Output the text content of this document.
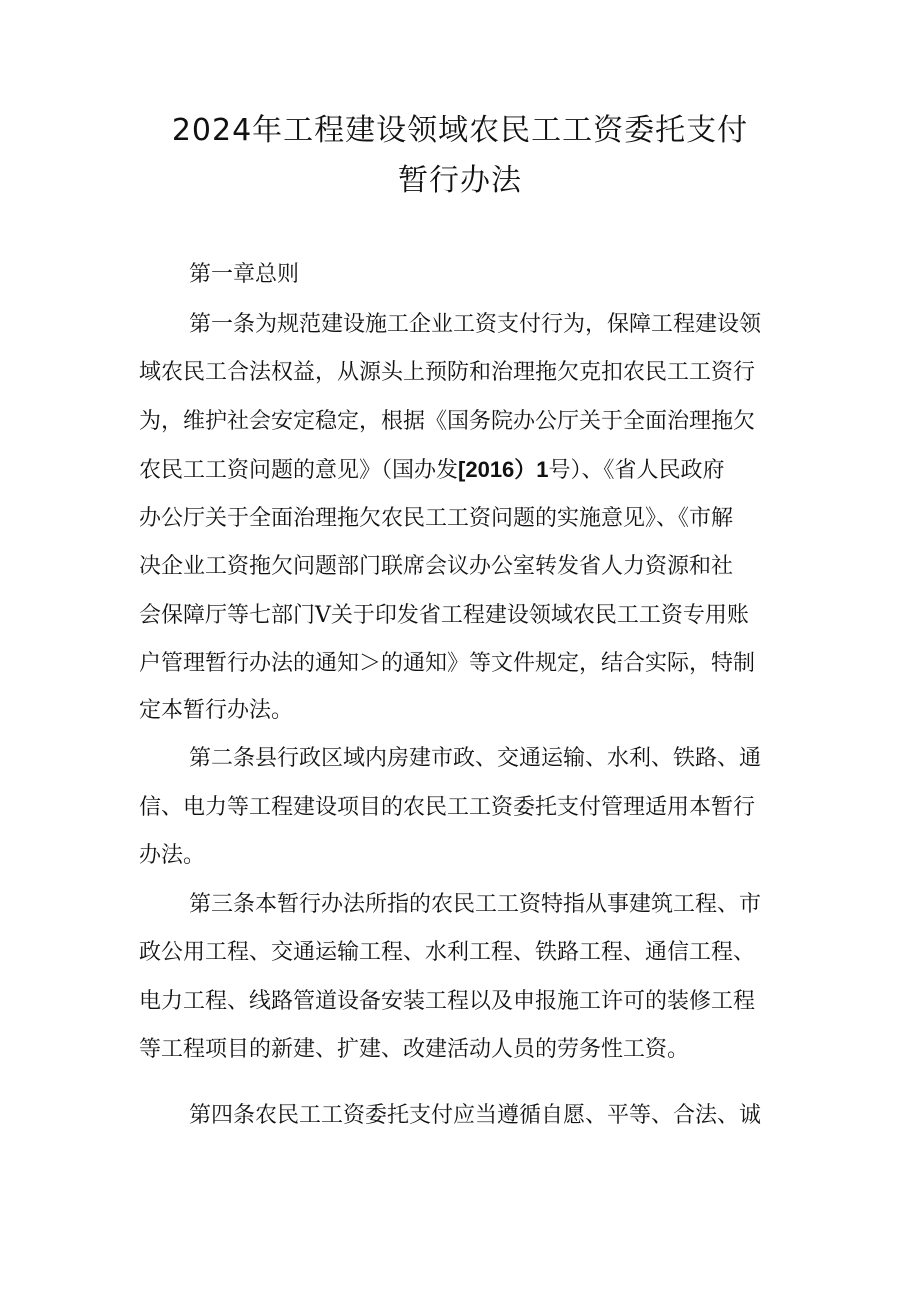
2024年工程建设领域农民工工资委托支付
暂行办法

第一章总则

第一条为规范建设施工企业工资支付行为，保障工程建设领

域农民工合法权益，从源头上预防和治理拖欠克扣农民工工资行

为，维护社会安定稳定，根据《国务院办公厅关于全面治理拖欠

农民工工资问题的意见》（国办发[2016）1号）、《省人民政府

办公厅关于全面治理拖欠农民工工资问题的实施意见》、《市解

决企业工资拖欠问题部门联席会议办公室转发省人力资源和社

会保障厅等七部门Ⅴ关于印发省工程建设领域农民工工资专用账

户管理暂行办法的通知＞的通知》等文件规定，结合实际，特制

定本暂行办法。

第二条县行政区域内房建市政、交通运输、水利、铁路、通

信、电力等工程建设项目的农民工工资委托支付管理适用本暂行

办法。

第三条本暂行办法所指的农民工工资特指从事建筑工程、市

政公用工程、交通运输工程、水利工程、铁路工程、通信工程、

电力工程、线路管道设备安装工程以及申报施工许可的装修工程

等工程项目的新建、扩建、改建活动人员的劳务性工资。

第四条农民工工资委托支付应当遵循自愿、平等、合法、诚
